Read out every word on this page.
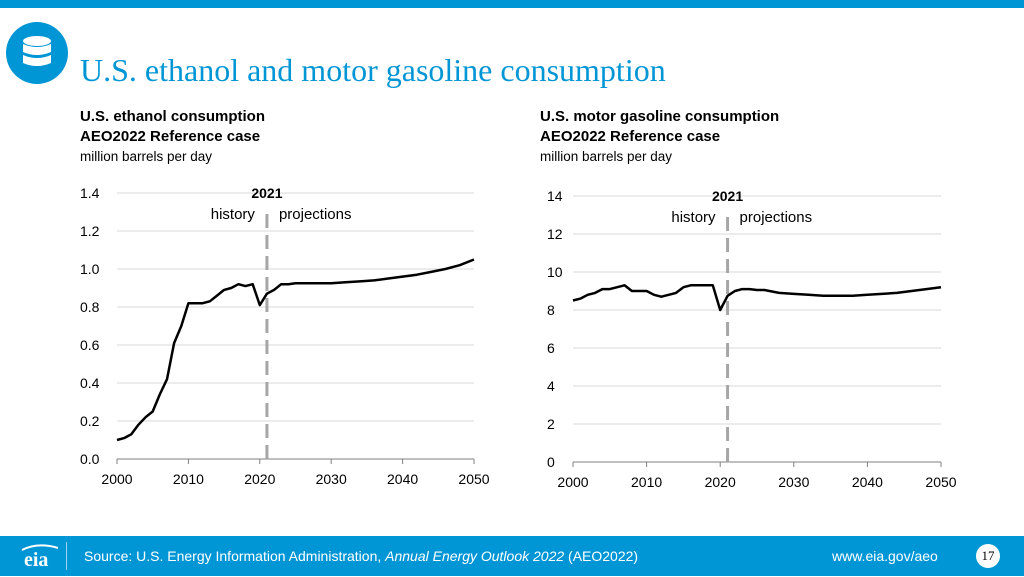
U.S. ethanol and motor gasoline consumption
U.S. ethanol consumption
AEO2022 Reference case
million barrels per day
U.S. motor gasoline consumption
AEO2022 Reference case
million barrels per day
0.0
0.2
0.4
0.6
0.8
1.0
1.2
1.4
2000	2010	2020	2030	2040	2050
2021
history projections
0
2
4
6
8
10
12
14
2000	2010	2020	2030	2040	2050
2021
history projections
eia	Source: U.S. Energy Information Administration, Annual Energy Outlook 2022 (AEO2022)	www.eia.gov/aeo	17
